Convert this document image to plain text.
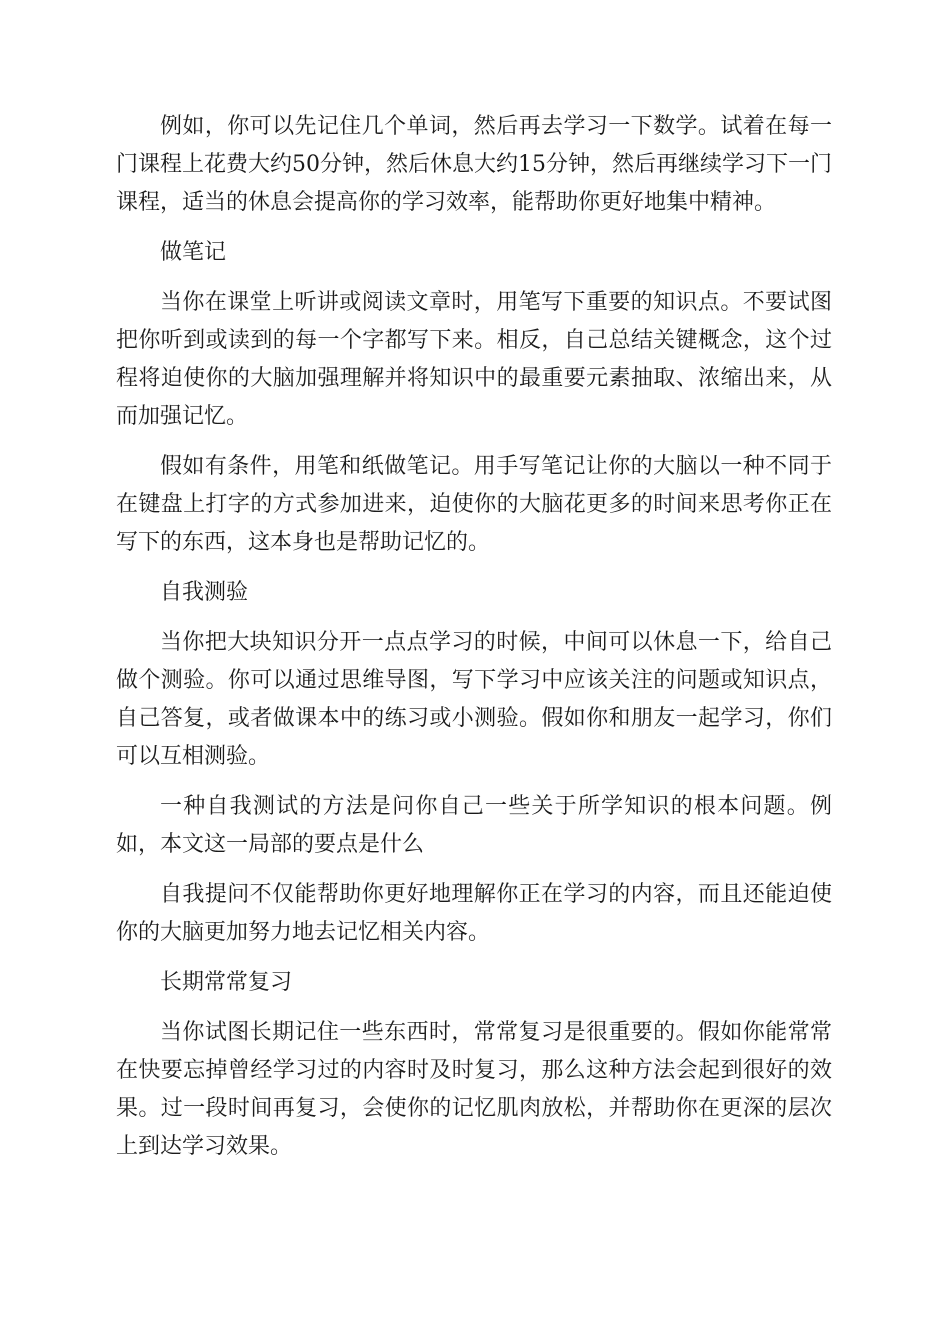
例如，你可以先记住几个单词，然后再去学习一下数学。试着在每一门课程上花费大约50分钟，然后休息大约15分钟，然后再继续学习下一门课程，适当的休息会提高你的学习效率，能帮助你更好地集中精神。

做笔记

当你在课堂上听讲或阅读文章时，用笔写下重要的知识点。不要试图把你听到或读到的每一个字都写下来。相反，自己总结关键概念，这个过程将迫使你的大脑加强理解并将知识中的最重要元素抽取、浓缩出来，从而加强记忆。

假如有条件，用笔和纸做笔记。用手写笔记让你的大脑以一种不同于在键盘上打字的方式参加进来，迫使你的大脑花更多的时间来思考你正在写下的东西，这本身也是帮助记忆的。

自我测验

当你把大块知识分开一点点学习的时候，中间可以休息一下，给自己做个测验。你可以通过思维导图，写下学习中应该关注的问题或知识点，自己答复，或者做课本中的练习或小测验。假如你和朋友一起学习，你们可以互相测验。

一种自我测试的方法是问你自己一些关于所学知识的根本问题。例如，本文这一局部的要点是什么

自我提问不仅能帮助你更好地理解你正在学习的内容，而且还能迫使你的大脑更加努力地去记忆相关内容。

长期常常复习

当你试图长期记住一些东西时，常常复习是很重要的。假如你能常常在快要忘掉曾经学习过的内容时及时复习，那么这种方法会起到很好的效果。过一段时间再复习，会使你的记忆肌肉放松，并帮助你在更深的层次上到达学习效果。
